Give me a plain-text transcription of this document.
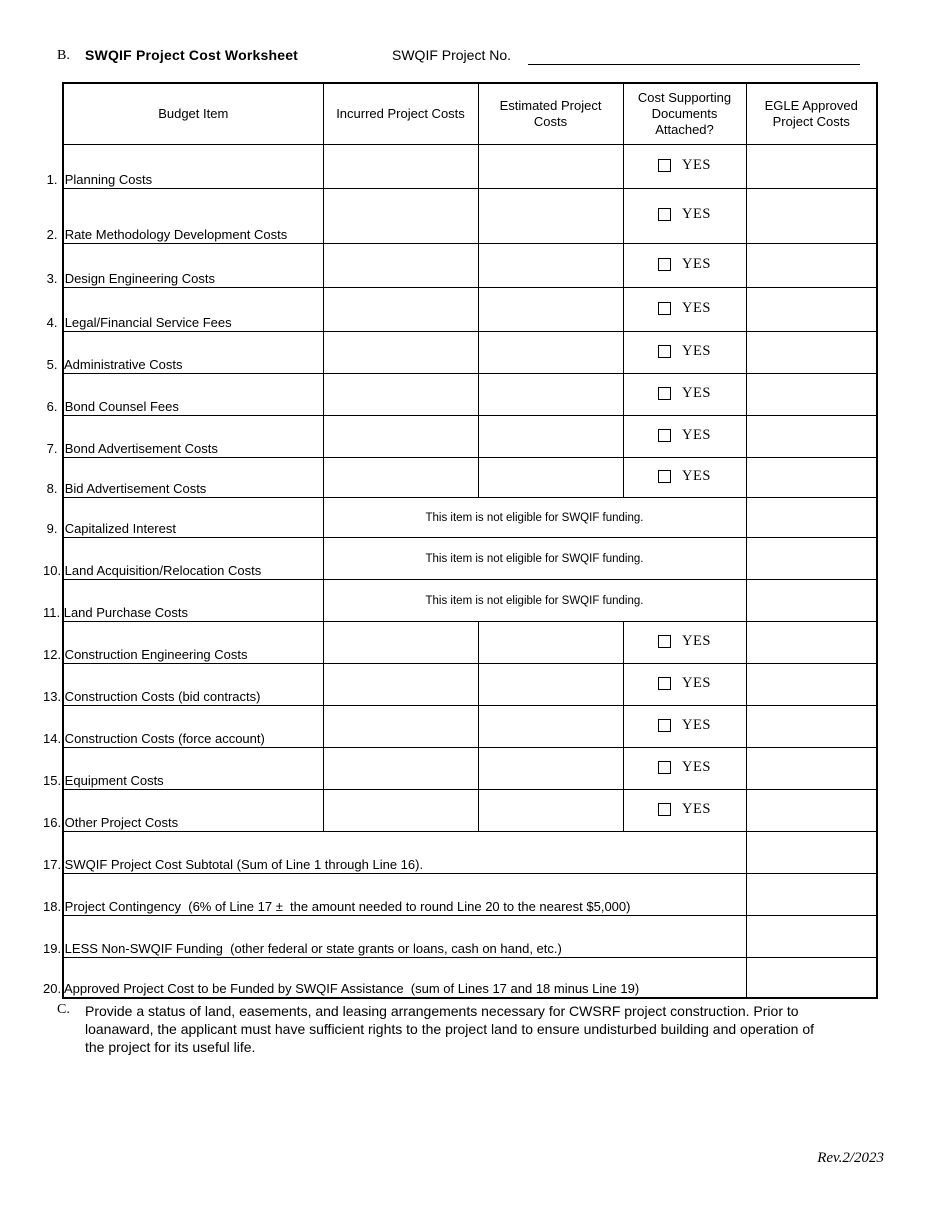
B. SWQIF Project Cost Worksheet	SWQIF Project No.
Budget Item	Incurred Project Costs	Estimated Project Costs	Cost Supporting Documents Attached?	EGLE Approved Project Costs
1.  Planning Costs			YES	

2.  Rate Methodology Development Costs			YES	

3.  Design Engineering Costs			YES	

4.  Legal/Financial Service Fees			YES	

5.  Administrative Costs			YES	

6.  Bond Counsel Fees			YES	

7.  Bond Advertisement Costs			YES	

8.  Bid Advertisement Costs			YES	

9.  Capitalized Interest	This item is not eligible for SWQIF funding.			
10. Land Acquisition/Relocation Costs	This item is not eligible for SWQIF funding.			
11. Land Purchase Costs	This item is not eligible for SWQIF funding.			
12. Construction Engineering Costs			YES	

13. Construction Costs (bid contracts)			YES	

14. Construction Costs (force account)			YES	

15. Equipment Costs			YES	

16. Other Project Costs			YES	

17. SWQIF Project Cost Subtotal (Sum of Line 1 through Line 16).				
18. Project Contingency  (6% of Line 17 ±  the amount needed to round Line 20 to the nearest $5,000)				
19. LESS Non-SWQIF Funding  (other federal or state grants or loans, cash on hand, etc.)				
20. Approved Project Cost to be Funded by SWQIF Assistance  (sum of Lines 17 and 18 minus Line 19)				
C. Provide a status of land, easements, and leasing arrangements necessary for CWSRF project construction. Prior to loanaward, the applicant must have sufficient rights to the project land to ensure undisturbed building and operation of the project for its useful life.
Rev.2/2023
